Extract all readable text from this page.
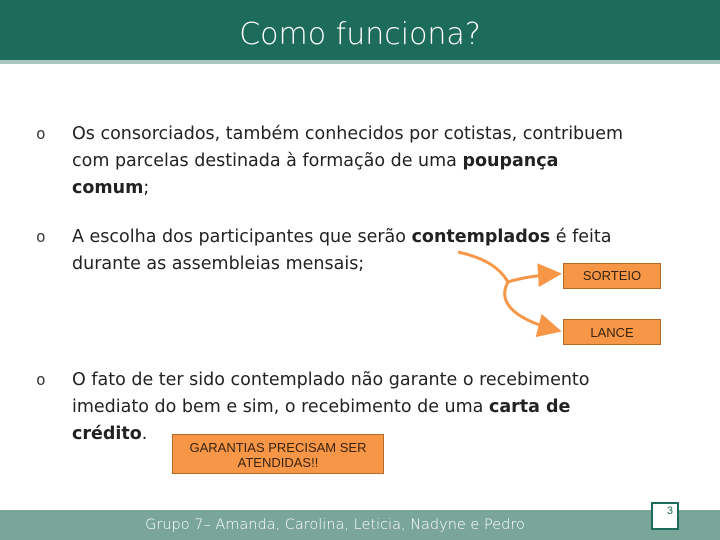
Como funciona?
o Os consorciados, também conhecidos por cotistas, contribuem
com parcelas destinada à formação de uma poupança
comum;
o A escolha dos participantes que serão contemplados é feita
durante as assembleias mensais;
o O fato de ter sido contemplado não garante o recebimento
imediato do bem e sim, o recebimento de uma carta de
crédito.
SORTEIO
LANCE
GARANTIAS PRECISAM SER
ATENDIDAS!!
Grupo 7– Amanda, Carolina, Leticia, Nadyne e Pedro
3
